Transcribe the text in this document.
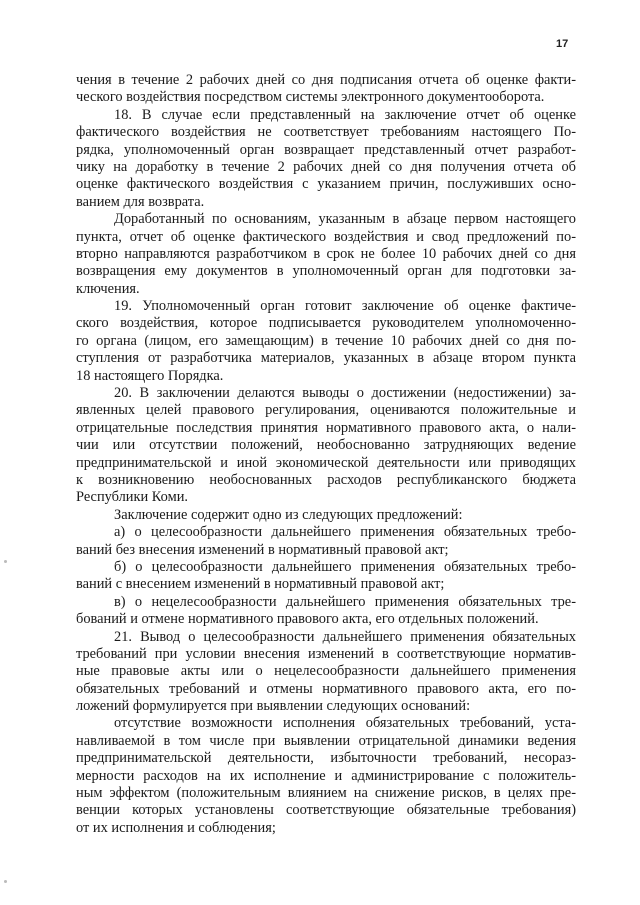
17
чения в течение 2 рабочих дней со дня подписания отчета об оценке факти-
ческого воздействия посредством системы электронного документооборота.
18. В случае если представленный на заключение отчет об оценке
фактического воздействия не соответствует требованиям настоящего По-
рядка, уполномоченный орган возвращает представленный отчет разработ-
чику на доработку в течение 2 рабочих дней со дня получения отчета об
оценке фактического воздействия с указанием причин, послуживших осно-
ванием для возврата.
Доработанный по основаниям, указанным в абзаце первом настоящего
пункта, отчет об оценке фактического воздействия и свод предложений по-
вторно направляются разработчиком в срок не более 10 рабочих дней со дня
возвращения ему документов в уполномоченный орган для подготовки за-
ключения.
19. Уполномоченный орган готовит заключение об оценке фактиче-
ского воздействия, которое подписывается руководителем уполномоченно-
го органа (лицом, его замещающим) в течение 10 рабочих дней со дня по-
ступления от разработчика материалов, указанных в абзаце втором пункта
18 настоящего Порядка.
20. В заключении делаются выводы о достижении (недостижении) за-
явленных целей правового регулирования, оцениваются положительные и
отрицательные последствия принятия нормативного правового акта, о нали-
чии или отсутствии положений, необоснованно затрудняющих ведение
предпринимательской и иной экономической деятельности или приводящих
к возникновению необоснованных расходов республиканского бюджета
Республики Коми.
Заключение содержит одно из следующих предложений:
а) о целесообразности дальнейшего применения обязательных требо-
ваний без внесения изменений в нормативный правовой акт;
б) о целесообразности дальнейшего применения обязательных требо-
ваний с внесением изменений в нормативный правовой акт;
в) о нецелесообразности дальнейшего применения обязательных тре-
бований и отмене нормативного правового акта, его отдельных положений.
21. Вывод о целесообразности дальнейшего применения обязательных
требований при условии внесения изменений в соответствующие норматив-
ные правовые акты или о нецелесообразности дальнейшего применения
обязательных требований и отмены нормативного правового акта, его по-
ложений формулируется при выявлении следующих оснований:
отсутствие возможности исполнения обязательных требований, уста-
навливаемой в том числе при выявлении отрицательной динамики ведения
предпринимательской деятельности, избыточности требований, несораз-
мерности расходов на их исполнение и администрирование с положитель-
ным эффектом (положительным влиянием на снижение рисков, в целях пре-
венции которых установлены соответствующие обязательные требования)
от их исполнения и соблюдения;
